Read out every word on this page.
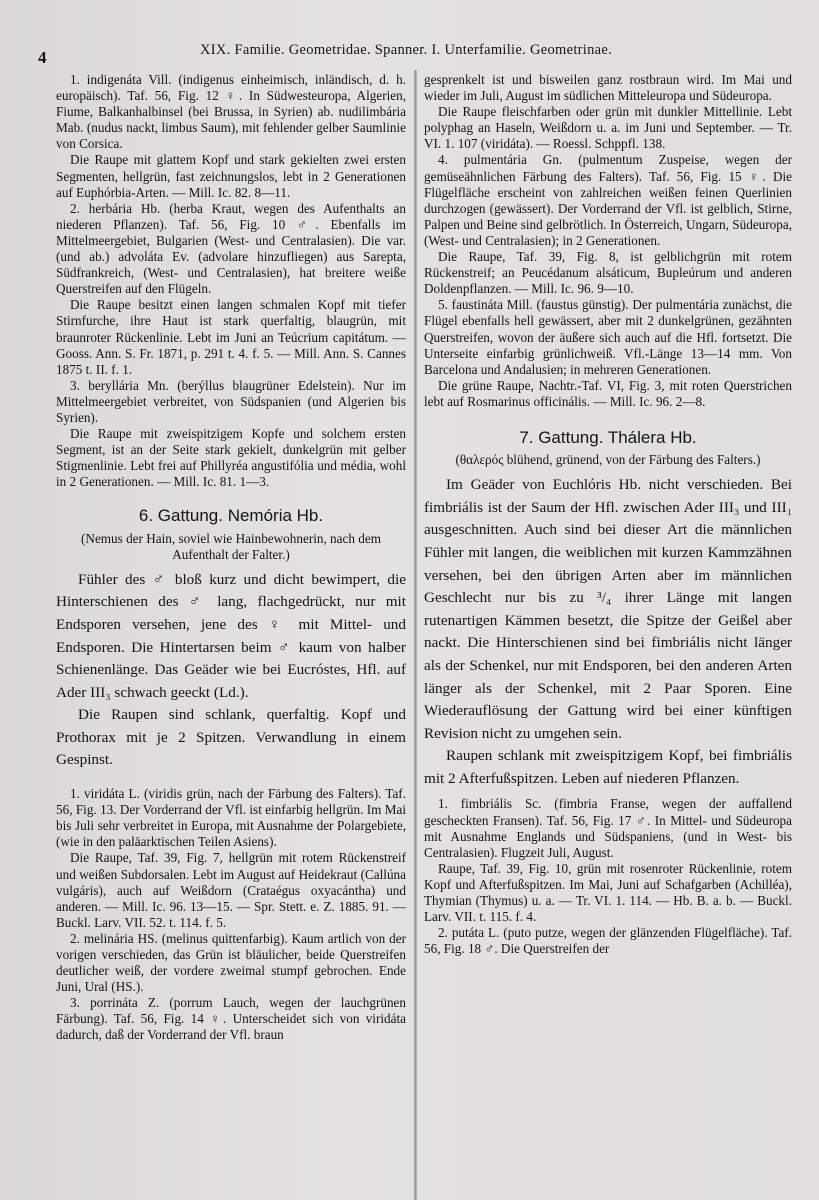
4	XIX. Familie. Geometridae. Spanner. I. Unterfamilie. Geometrinae.

1. indigenáta Vill. (indigenus einheimisch, inländisch, d. h. europäisch). Taf. 56, Fig. 12 ♀. In Südwesteuropa, Algerien, Fiume, Balkanhalbinsel (bei Brussa, in Syrien) ab. nudilimbária Mab. (nudus nackt, limbus Saum), mit fehlender gelber Saumlinie von Corsica.

Die Raupe mit glattem Kopf und stark gekielten zwei ersten Segmenten, hellgrün, fast zeichnungslos, lebt in 2 Generationen auf Euphórbia-Arten. — Mill. Ic. 82. 8—11.

2. herbária Hb. (herba Kraut, wegen des Aufenthalts an niederen Pflanzen). Taf. 56, Fig. 10 ♂. Ebenfalls im Mittelmeergebiet, Bulgarien (West- und Centralasien). Die var. (und ab.) advoláta Ev. (advolare hinzufliegen) aus Sarepta, Südfrankreich, (West- und Centralasien), hat breitere weiße Querstreifen auf den Flügeln.

Die Raupe besitzt einen langen schmalen Kopf mit tiefer Stirnfurche, ihre Haut ist stark querfaltig, blaugrün, mit braunroter Rückenlinie. Lebt im Juni an Teúcrium capitátum. — Gooss. Ann. S. Fr. 1871, p. 291 t. 4. f. 5. — Mill. Ann. S. Cannes 1875 t. II. f. 1.

3. beryllária Mn. (berýllus blaugrüner Edelstein). Nur im Mittelmeergebiet verbreitet, von Südspanien (und Algerien bis Syrien).

Die Raupe mit zweispitzigem Kopfe und solchem ersten Segment, ist an der Seite stark gekielt, dunkelgrün mit gelber Stigmenlinie. Lebt frei auf Phillyréa angustifólia und média, wohl in 2 Generationen. — Mill. Ic. 81. 1—3.

6. Gattung. Nemória Hb.
(Nemus der Hain, soviel wie Hainbewohnerin, nach dem Aufenthalt der Falter.)

Fühler des ♂ bloß kurz und dicht bewimpert, die Hinterschienen des ♂ lang, flachgedrückt, nur mit Endsporen versehen, jene des ♀ mit Mittel- und Endsporen. Die Hintertarsen beim ♂ kaum von halber Schienenlänge. Das Geäder wie bei Eucróstes, Hfl. auf Ader III₃ schwach geeckt (Ld.).

Die Raupen sind schlank, querfaltig. Kopf und Prothorax mit je 2 Spitzen. Verwandlung in einem Gespinst.

1. viridáta L. (viridis grün, nach der Färbung des Falters). Taf. 56, Fig. 13. Der Vorderrand der Vfl. ist einfarbig hellgrün. Im Mai bis Juli sehr verbreitet in Europa, mit Ausnahme der Polargebiete, (wie in den paläarktischen Teilen Asiens).

Die Raupe, Taf. 39, Fig. 7, hellgrün mit rotem Rückenstreif und weißen Subdorsalen. Lebt im August auf Heidekraut (Callúna vulgáris), auch auf Weißdorn (Crataégus oxyacántha) und anderen. — Mill. Ic. 96. 13—15. — Spr. Stett. e. Z. 1885. 91. — Buckl. Larv. VII. 52. t. 114. f. 5.

2. melinária HS. (melinus quittenfarbig). Kaum artlich von der vorigen verschieden, das Grün ist bläulicher, beide Querstreifen deutlicher weiß, der vordere zweimal stumpf gebrochen. Ende Juni, Ural (HS.).

3. porrináta Z. (porrum Lauch, wegen der lauchgrünen Färbung). Taf. 56, Fig. 14 ♀. Unterscheidet sich von viridáta dadurch, daß der Vorderrand der Vfl. braun

gesprenkelt ist und bisweilen ganz rostbraun wird. Im Mai und wieder im Juli, August im südlichen Mitteleuropa und Südeuropa.

Die Raupe fleischfarben oder grün mit dunkler Mittellinie. Lebt polyphag an Haseln, Weißdorn u. a. im Juni und September. — Tr. VI. 1. 107 (viridáta). — Roessl. Schppfl. 138.

4. pulmentária Gn. (pulmentum Zuspeise, wegen der gemüseähnlichen Färbung des Falters). Taf. 56, Fig. 15 ♀. Die Flügelfläche erscheint von zahlreichen weißen feinen Querlinien durchzogen (gewässert). Der Vorderrand der Vfl. ist gelblich, Stirne, Palpen und Beine sind gelbrötlich. In Österreich, Ungarn, Südeuropa, (West- und Centralasien); in 2 Generationen.

Die Raupe, Taf. 39, Fig. 8, ist gelblichgrün mit rotem Rückenstreif; an Peucédanum alsáticum, Bupleúrum und anderen Doldenpflanzen. — Mill. Ic. 96. 9—10.

5. faustináta Mill. (faustus günstig). Der pulmentária zunächst, die Flügel ebenfalls hell gewässert, aber mit 2 dunkelgrünen, gezähnten Querstreifen, wovon der äußere sich auch auf die Hfl. fortsetzt. Die Unterseite einfarbig grünlichweiß. Vfl.-Länge 13—14 mm. Von Barcelona und Andalusien; in mehreren Generationen.

Die grüne Raupe, Nachtr.-Taf. VI, Fig. 3, mit roten Querstrichen lebt auf Rosmarinus officinális. — Mill. Ic. 96. 2—8.

7. Gattung. Thálera Hb.
(θαλερός blühend, grünend, von der Färbung des Falters.)

Im Geäder von Euchlóris Hb. nicht verschieden. Bei fimbriális ist der Saum der Hfl. zwischen Ader III₃ und III₁ ausgeschnitten. Auch sind bei dieser Art die männlichen Fühler mit langen, die weiblichen mit kurzen Kammzähnen versehen, bei den übrigen Arten aber im männlichen Geschlecht nur bis zu ³/₄ ihrer Länge mit langen rutenartigen Kämmen besetzt, die Spitze der Geißel aber nackt. Die Hinterschienen sind bei fimbriális nicht länger als der Schenkel, nur mit Endsporen, bei den anderen Arten länger als der Schenkel, mit 2 Paar Sporen. Eine Wiederauflösung der Gattung wird bei einer künftigen Revision nicht zu umgehen sein.

Raupen schlank mit zweispitzigem Kopf, bei fimbriális mit 2 Afterfußspitzen. Leben auf niederen Pflanzen.

1. fimbriális Sc. (fimbria Franse, wegen der auffallend gescheckten Fransen). Taf. 56, Fig. 17 ♂. In Mittel- und Südeuropa mit Ausnahme Englands und Südspaniens, (und in West- bis Centralasien). Flugzeit Juli, August.

Raupe, Taf. 39, Fig. 10, grün mit rosenroter Rückenlinie, rotem Kopf und Afterfußspitzen. Im Mai, Juni auf Schafgarben (Achilléa), Thymian (Thymus) u. a. — Tr. VI. 1. 114. — Hb. B. a. b. — Buckl. Larv. VII. t. 115. f. 4.

2. putáta L. (puto putze, wegen der glänzenden Flügelfläche). Taf. 56, Fig. 18 ♂. Die Querstreifen der
